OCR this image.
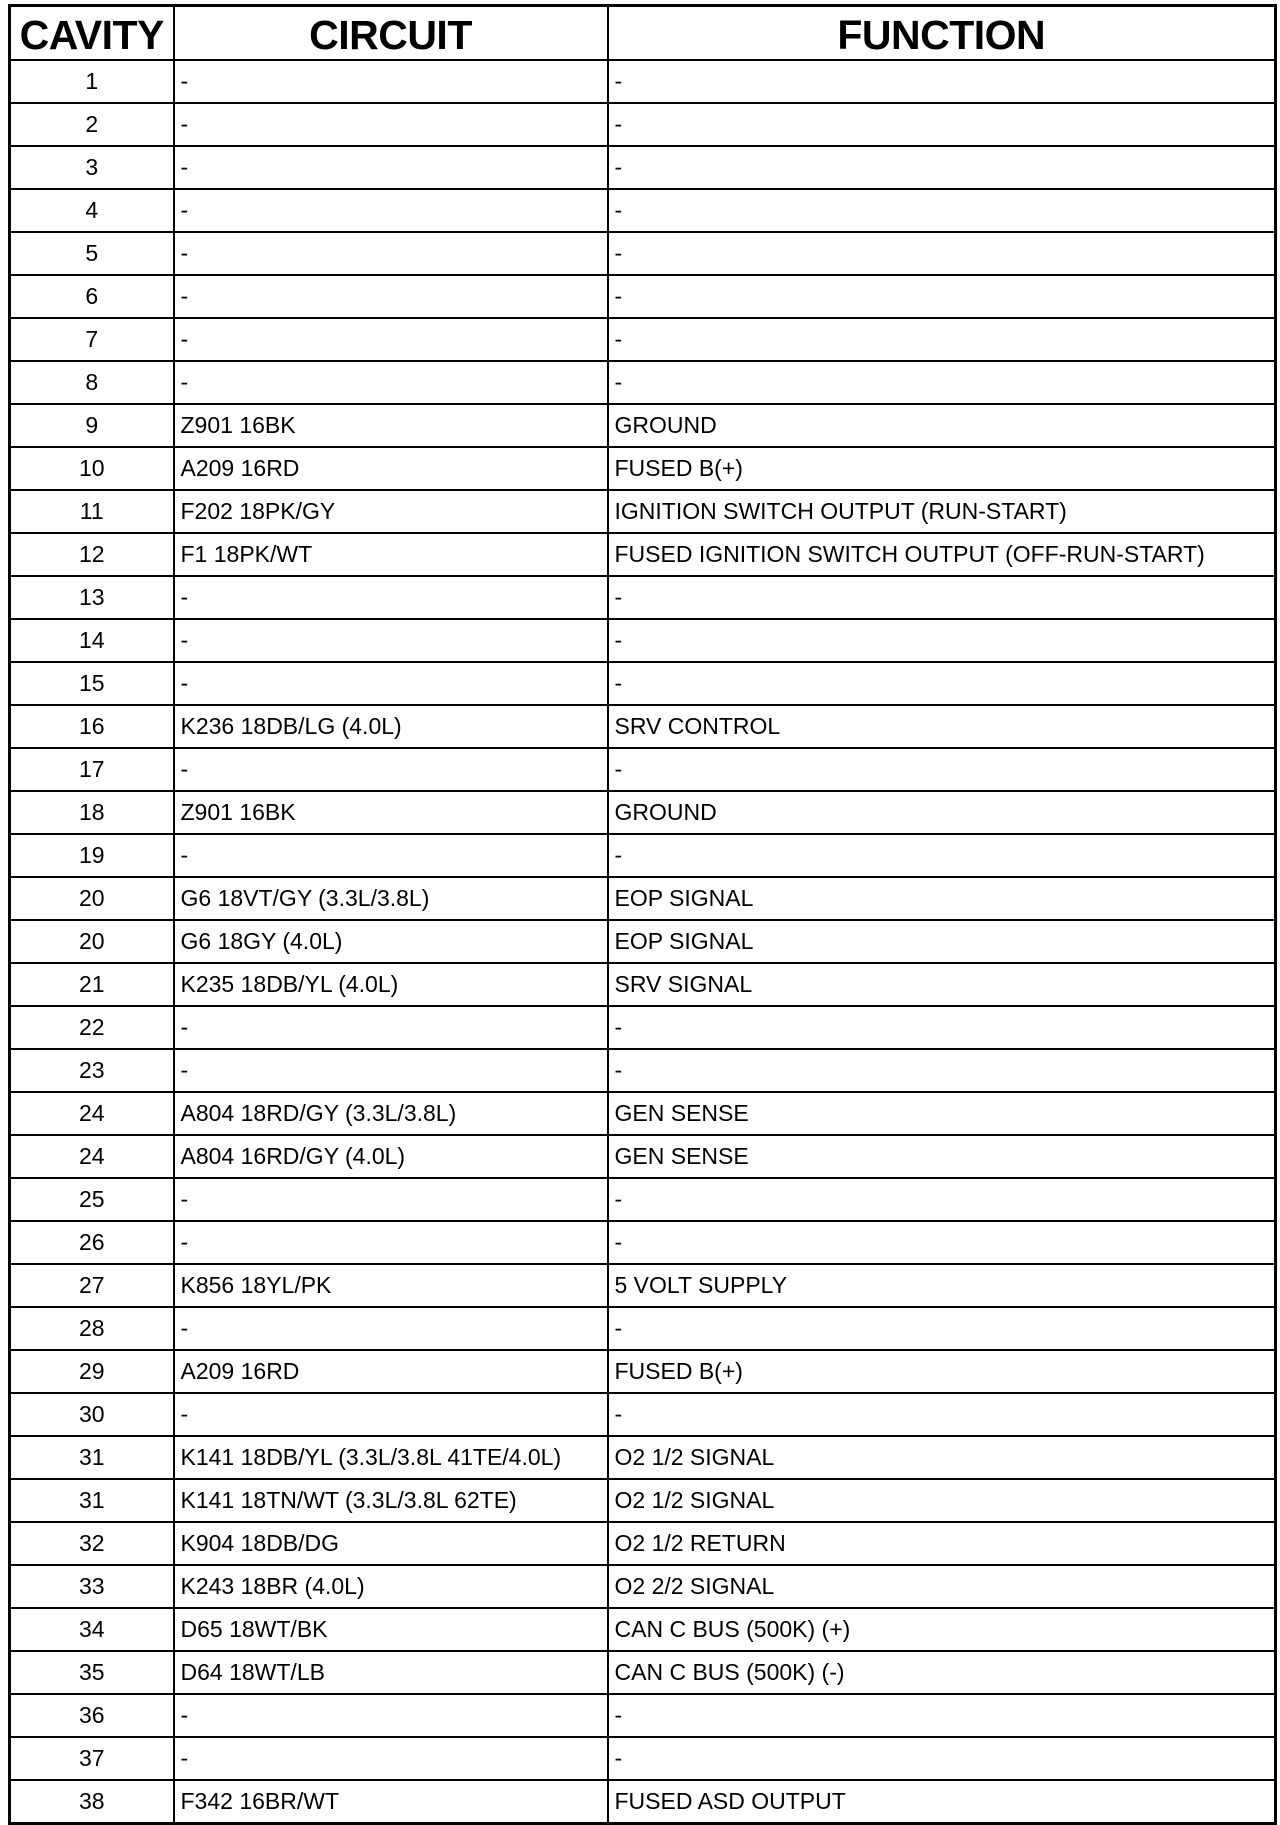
CAVITY	CIRCUIT	FUNCTION
1	-	-
2	-	-
3	-	-
4	-	-
5	-	-
6	-	-
7	-	-
8	-	-
9	Z901 16BK	GROUND
10	A209 16RD	FUSED B(+)
11	F202 18PK/GY	IGNITION SWITCH OUTPUT (RUN-START)
12	F1 18PK/WT	FUSED IGNITION SWITCH OUTPUT (OFF-RUN-START)
13	-	-
14	-	-
15	-	-
16	K236 18DB/LG (4.0L)	SRV CONTROL
17	-	-
18	Z901 16BK	GROUND
19	-	-
20	G6 18VT/GY (3.3L/3.8L)	EOP SIGNAL
20	G6 18GY (4.0L)	EOP SIGNAL
21	K235 18DB/YL (4.0L)	SRV SIGNAL
22	-	-
23	-	-
24	A804 18RD/GY (3.3L/3.8L)	GEN SENSE
24	A804 16RD/GY (4.0L)	GEN SENSE
25	-	-
26	-	-
27	K856 18YL/PK	5 VOLT SUPPLY
28	-	-
29	A209 16RD	FUSED B(+)
30	-	-
31	K141 18DB/YL (3.3L/3.8L 41TE/4.0L)	O2 1/2 SIGNAL
31	K141 18TN/WT (3.3L/3.8L 62TE)	O2 1/2 SIGNAL
32	K904 18DB/DG	O2 1/2 RETURN
33	K243 18BR (4.0L)	O2 2/2 SIGNAL
34	D65 18WT/BK	CAN C BUS (500K) (+)
35	D64 18WT/LB	CAN C BUS (500K) (-)
36	-	-
37	-	-
38	F342 16BR/WT	FUSED ASD OUTPUT
